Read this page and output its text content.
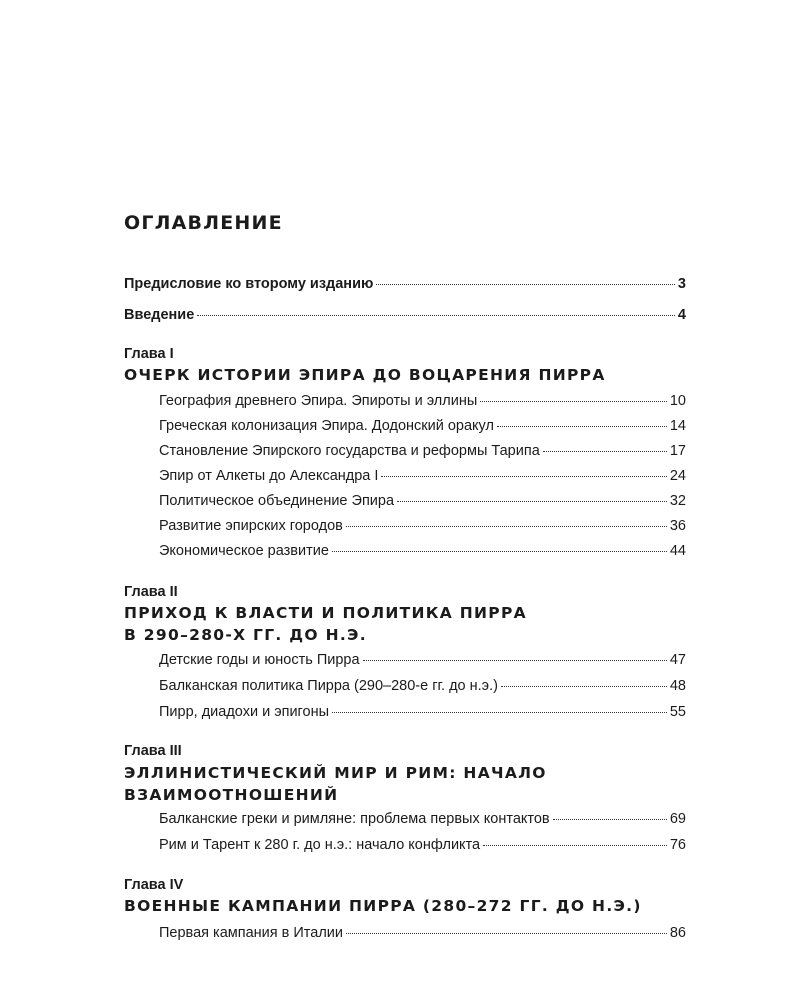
ОГЛАВЛЕНИЕ
Предисловие ко второму изданию	3
Введение	4
Глава I
ОЧЕРК ИСТОРИИ ЭПИРА ДО ВОЦАРЕНИЯ ПИРРА
География древнего Эпира. Эпироты и эллины	10
Греческая колонизация Эпира. Додонский оракул	14
Становление Эпирского государства и реформы Тарипа	17
Эпир от Алкеты до Александра I	24
Политическое объединение Эпира	32
Развитие эпирских городов	36
Экономическое развитие	44
Глава II
ПРИХОД К ВЛАСТИ И ПОЛИТИКА ПИРРА
В 290–280-Х ГГ. ДО Н.Э.
Детские годы и юность Пирра	47
Балканская политика Пирра (290–280-е гг. до н.э.)	48
Пирр, диадохи и эпигоны	55
Глава III
ЭЛЛИНИСТИЧЕСКИЙ МИР И РИМ: НАЧАЛО
ВЗАИМООТНОШЕНИЙ
Балканские греки и римляне: проблема первых контактов	69
Рим и Тарент к 280 г. до н.э.: начало конфликта	76
Глава IV
ВОЕННЫЕ КАМПАНИИ ПИРРА (280–272 ГГ. ДО Н.Э.)
Первая кампания в Италии	86
